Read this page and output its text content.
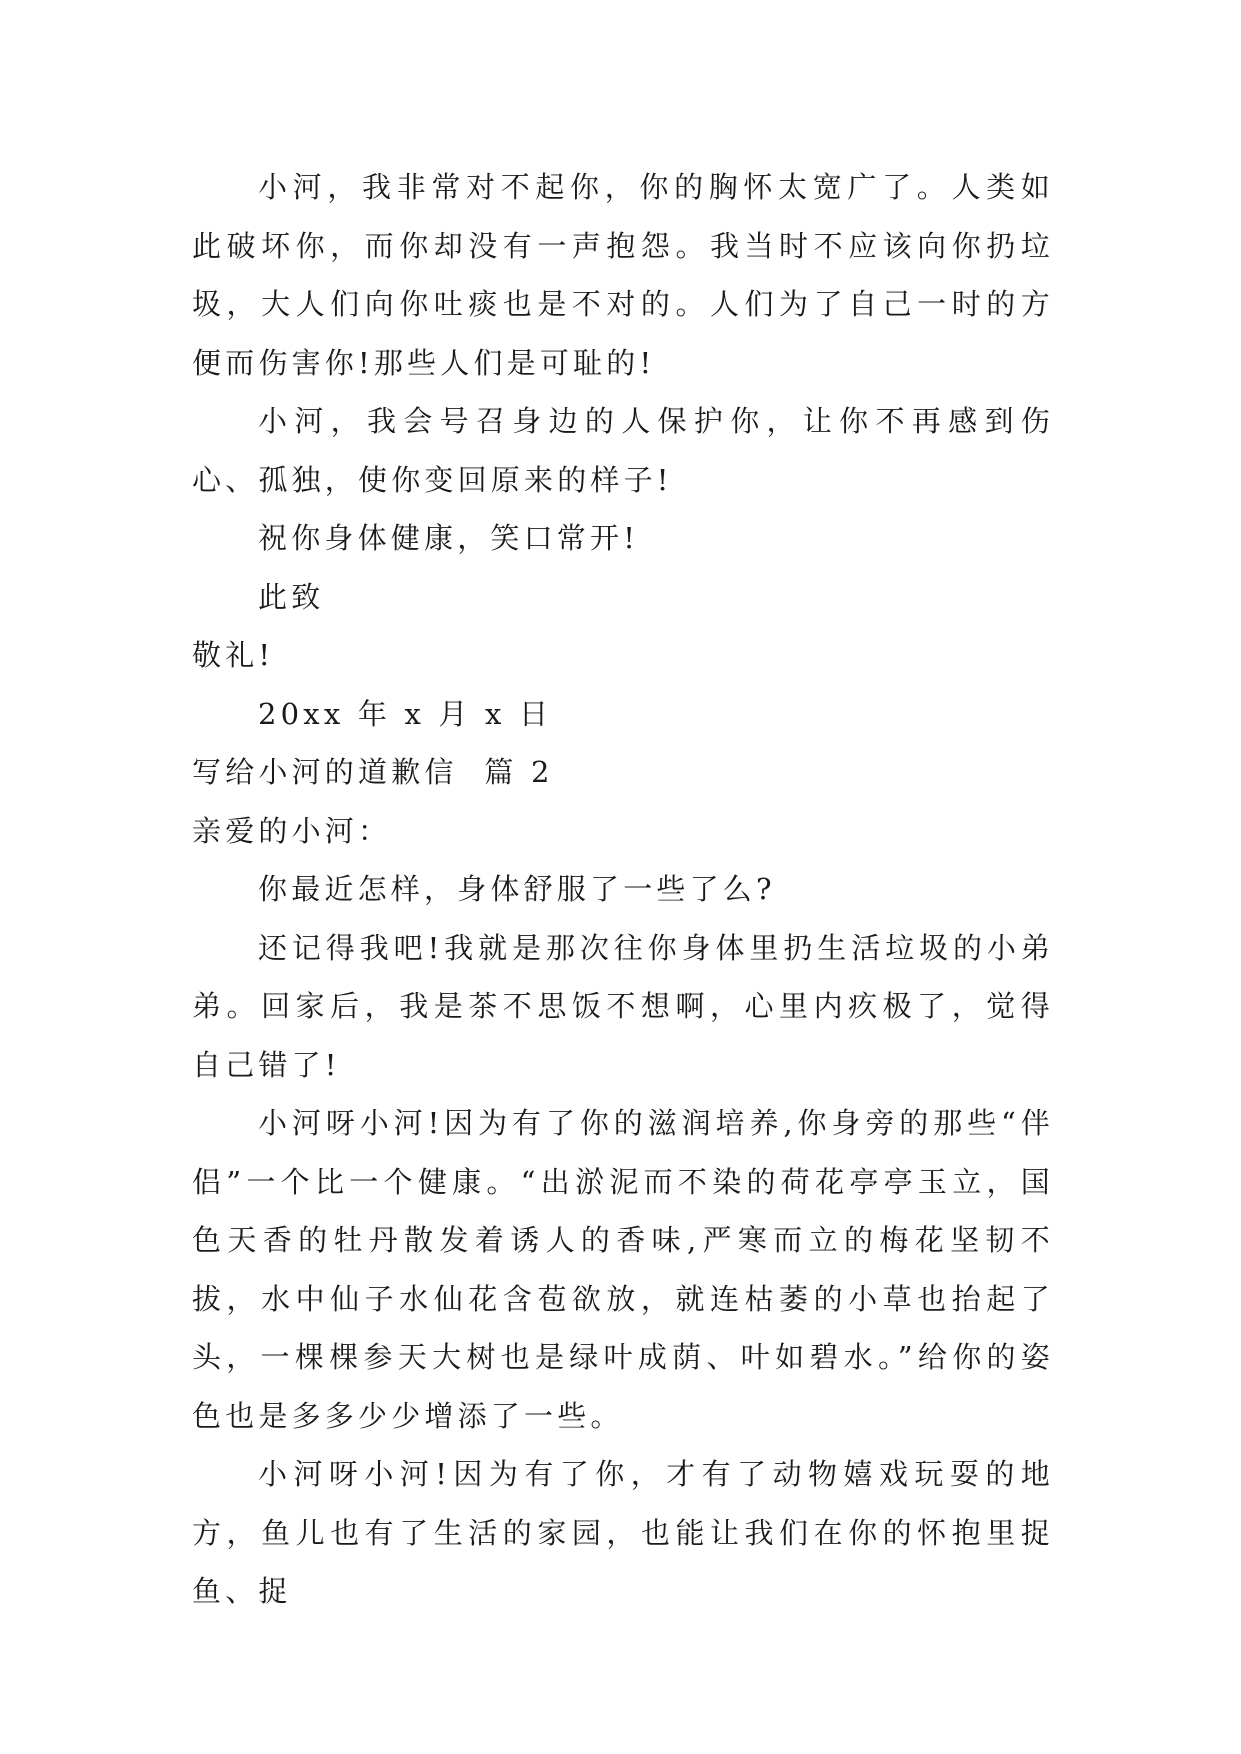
小河，我非常对不起你，你的胸怀太宽广了。人类如此破坏你，而你却没有一声抱怨。我当时不应该向你扔垃圾，大人们向你吐痰也是不对的。人们为了自己一时的方便而伤害你!那些人们是可耻的!

小河，我会号召身边的人保护你，让你不再感到伤心、孤独，使你变回原来的样子!

祝你身体健康，笑口常开!

此致

敬礼!

20xx 年 x 月 x 日

写给小河的道歉信  篇 2

亲爱的小河：

你最近怎样，身体舒服了一些了么?

还记得我吧!我就是那次往你身体里扔生活垃圾的小弟弟。回家后，我是茶不思饭不想啊，心里内疚极了，觉得自己错了!

小河呀小河!因为有了你的滋润培养,你身旁的那些“伴侣”一个比一个健康。“出淤泥而不染的荷花亭亭玉立，国色天香的牡丹散发着诱人的香味,严寒而立的梅花坚韧不拔，水中仙子水仙花含苞欲放，就连枯萎的小草也抬起了头，一棵棵参天大树也是绿叶成荫、叶如碧水。”给你的姿色也是多多少少增添了一些。

小河呀小河!因为有了你，才有了动物嬉戏玩耍的地方，鱼儿也有了生活的家园，也能让我们在你的怀抱里捉鱼、捉
